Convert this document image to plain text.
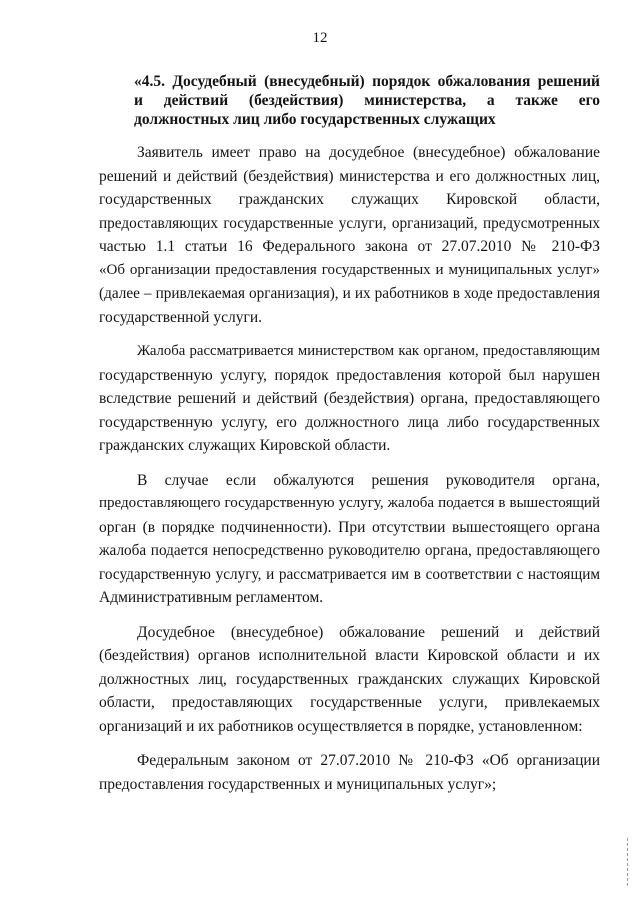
12
«4.5. Досудебный (внесудебный) порядок обжалования решений
и действий (бездействия) министерства, а также его
должностных лиц либо государственных служащих
Заявитель имеет право на досудебное (внесудебное) обжалование
решений и действий (бездействия) министерства и его должностных лиц,
государственных гражданских служащих Кировской области,
предоставляющих государственные услуги, организаций, предусмотренных
частью 1.1 статьи 16 Федерального закона от 27.07.2010 № 210-ФЗ
«Об организации предоставления государственных и муниципальных услуг»
(далее – привлекаемая организация), и их работников в ходе предоставления
государственной услуги.
Жалоба рассматривается министерством как органом, предоставляющим
государственную услугу, порядок предоставления которой был нарушен
вследствие решений и действий (бездействия) органа, предоставляющего
государственную услугу, его должностного лица либо государственных
гражданских служащих Кировской области.
В случае если обжалуются решения руководителя органа,
предоставляющего государственную услугу, жалоба подается в вышестоящий
орган (в порядке подчиненности). При отсутствии вышестоящего органа
жалоба подается непосредственно руководителю органа, предоставляющего
государственную услугу, и рассматривается им в соответствии с настоящим
Административным регламентом.
Досудебное (внесудебное) обжалование решений и действий
(бездействия) органов исполнительной власти Кировской области и их
должностных лиц, государственных гражданских служащих Кировской
области, предоставляющих государственные услуги, привлекаемых
организаций и их работников осуществляется в порядке, установленном:
Федеральным законом от 27.07.2010 № 210-ФЗ «Об организации
предоставления государственных и муниципальных услуг»;
